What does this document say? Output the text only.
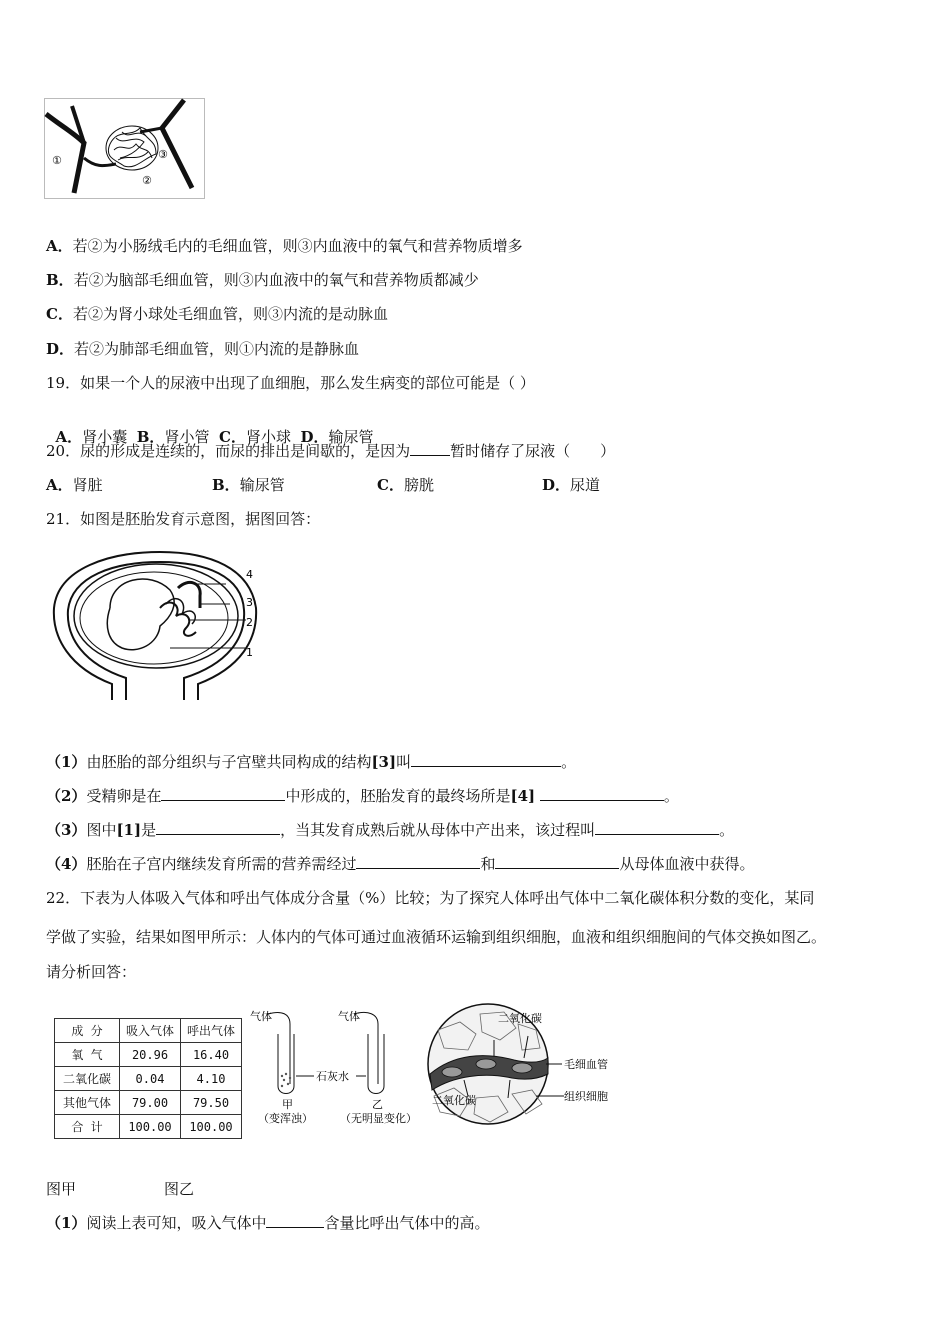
①
②
③
A．若②为小肠绒毛内的毛细血管，则③内血液中的氧气和营养物质增多
B．若②为脑部毛细血管，则③内血液中的氧气和营养物质都减少
C．若②为肾小球处毛细血管，则③内流的是动脉血
D．若②为肺部毛细血管，则①内流的是静脉血
19．如果一个人的尿液中出现了血细胞，那么发生病变的部位可能是（ ）

A．肾小囊 B．肾小管 C．肾小球 D．输尿管

20．尿的形成是连续的，而尿的排出是间歇的，是因为	暂时储存了尿液（　　）
A．肾脏	B．输尿管	C．膀胱	D．尿道
21．如图是胚胎发育示意图，据图回答：
4
3
2
1
（1）由胚胎的部分组织与子宫壁共同构成的结构[3]叫	。
（2）受精卵是在	中形成的，胚胎发育的最终场所是[4]	。
（3）图中[1]是	，当其发育成熟后就从母体中产出来，该过程叫	。
（4）胚胎在子宫内继续发育所需的营养需经过	和	从母体血液中获得。
22．下表为人体吸入气体和呼出气体成分含量（%）比较；为了探究人体呼出气体中二氧化碳体积分数的变化，某同
学做了实验，结果如图甲所示：人体内的气体可通过血液循环运输到组织细胞，血液和组织细胞间的气体交换如图乙。
请分析回答：
成 分	吸入气体	呼出气体
氧 气	20.96	16.40
二氧化碳	0.04	4.10
其他气体	79.00	79.50
合 计	100.00	100.00
气体	气体
石灰水
甲
（变浑浊）
乙
（无明显变化）
二氧化碳
二氧化碳
毛细血管
组织细胞
图甲	图乙
（1）阅读上表可知，吸入气体中	含量比呼出气体中的高。
